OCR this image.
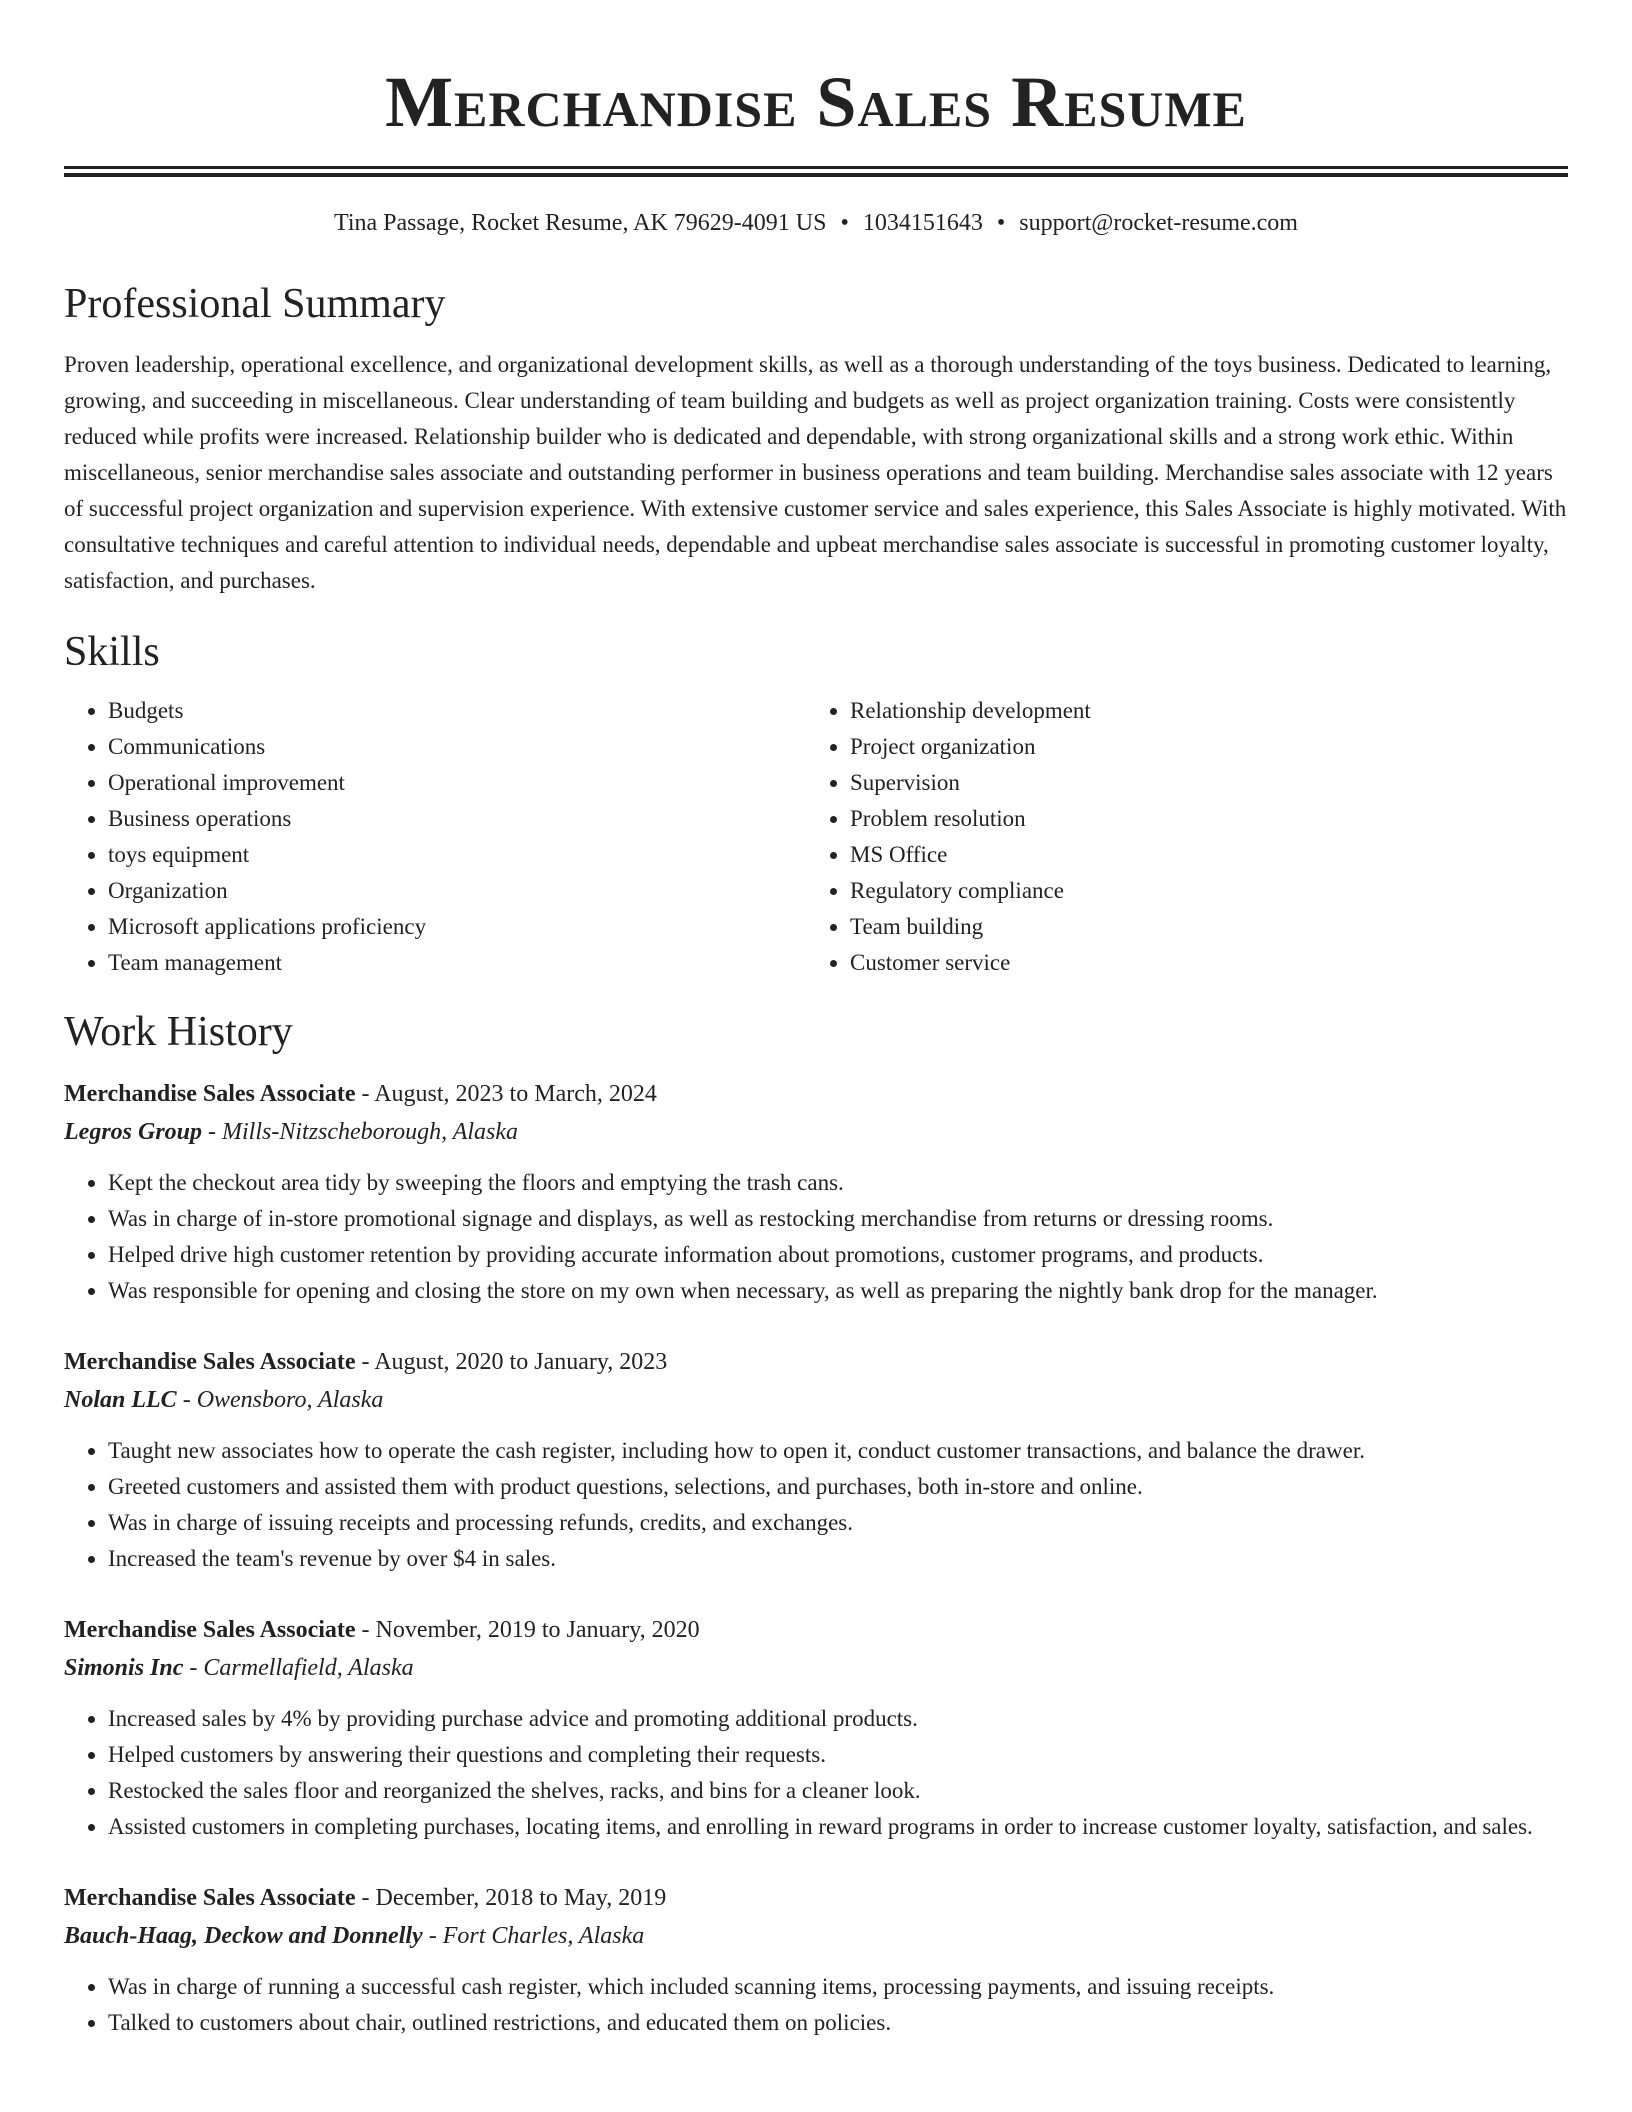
Merchandise Sales Resume
Tina Passage, Rocket Resume, AK 79629-4091 US • 1034151643 • support@rocket-resume.com
Professional Summary

Proven leadership, operational excellence, and organizational development skills, as well as a thorough understanding of the toys business. Dedicated to learning, growing, and succeeding in miscellaneous. Clear understanding of team building and budgets as well as project organization training. Costs were consistently reduced while profits were increased. Relationship builder who is dedicated and dependable, with strong organizational skills and a strong work ethic. Within miscellaneous, senior merchandise sales associate and outstanding performer in business operations and team building. Merchandise sales associate with 12 years of successful project organization and supervision experience. With extensive customer service and sales experience, this Sales Associate is highly motivated. With consultative techniques and careful attention to individual needs, dependable and upbeat merchandise sales associate is successful in promoting customer loyalty, satisfaction, and purchases.

Skills
• Budgets
• Communications
• Operational improvement
• Business operations
• toys equipment
• Organization
• Microsoft applications proficiency
• Team management
• Relationship development
• Project organization
• Supervision
• Problem resolution
• MS Office
• Regulatory compliance
• Team building
• Customer service
Work History
Merchandise Sales Associate - August, 2023 to March, 2024
Legros Group - Mills-Nitzscheborough, Alaska
• Kept the checkout area tidy by sweeping the floors and emptying the trash cans.
• Was in charge of in-store promotional signage and displays, as well as restocking merchandise from returns or dressing rooms.
• Helped drive high customer retention by providing accurate information about promotions, customer programs, and products.
• Was responsible for opening and closing the store on my own when necessary, as well as preparing the nightly bank drop for the manager.
Merchandise Sales Associate - August, 2020 to January, 2023
Nolan LLC - Owensboro, Alaska
• Taught new associates how to operate the cash register, including how to open it, conduct customer transactions, and balance the drawer.
• Greeted customers and assisted them with product questions, selections, and purchases, both in-store and online.
• Was in charge of issuing receipts and processing refunds, credits, and exchanges.
• Increased the team's revenue by over $4 in sales.
Merchandise Sales Associate - November, 2019 to January, 2020
Simonis Inc - Carmellafield, Alaska
• Increased sales by 4% by providing purchase advice and promoting additional products.
• Helped customers by answering their questions and completing their requests.
• Restocked the sales floor and reorganized the shelves, racks, and bins for a cleaner look.
• Assisted customers in completing purchases, locating items, and enrolling in reward programs in order to increase customer loyalty, satisfaction, and sales.
Merchandise Sales Associate - December, 2018 to May, 2019
Bauch-Haag, Deckow and Donnelly - Fort Charles, Alaska
• Was in charge of running a successful cash register, which included scanning items, processing payments, and issuing receipts.
• Talked to customers about chair, outlined restrictions, and educated them on policies.
